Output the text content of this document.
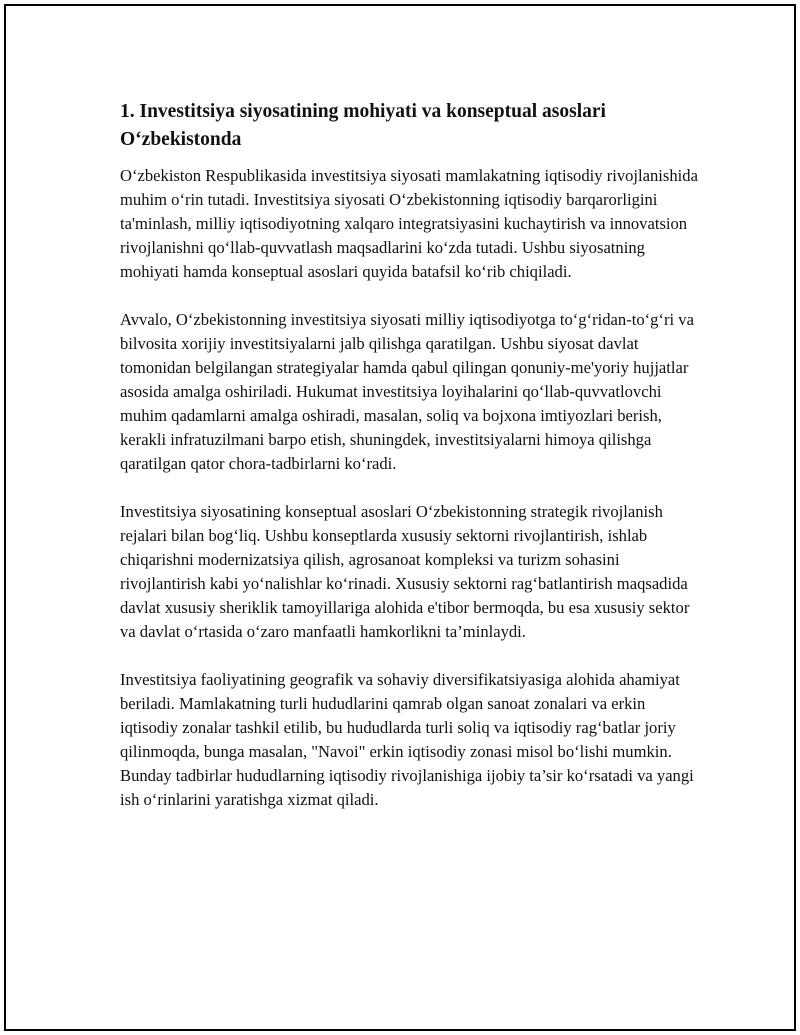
1. Investitsiya siyosatining mohiyati va konseptual asoslari O‘zbekistonda

O‘zbekiston Respublikasida investitsiya siyosati mamlakatning iqtisodiy rivojlanishida muhim o‘rin tutadi. Investitsiya siyosati O‘zbekistonning iqtisodiy barqarorligini ta'minlash, milliy iqtisodiyotning xalqaro integratsiyasini kuchaytirish va innovatsion rivojlanishni qo‘llab-quvvatlash maqsadlarini ko‘zda tutadi. Ushbu siyosatning mohiyati hamda konseptual asoslari quyida batafsil ko‘rib chiqiladi.

Avvalo, O‘zbekistonning investitsiya siyosati milliy iqtisodiyotga to‘g‘ridan-to‘g‘ri va bilvosita xorijiy investitsiyalarni jalb qilishga qaratilgan. Ushbu siyosat davlat tomonidan belgilangan strategiyalar hamda qabul qilingan qonuniy-me'yoriy hujjatlar asosida amalga oshiriladi. Hukumat investitsiya loyihalarini qo‘llab-quvvatlovchi muhim qadamlarni amalga oshiradi, masalan, soliq va bojxona imtiyozlari berish, kerakli infratuzilmani barpo etish, shuningdek, investitsiyalarni himoya qilishga qaratilgan qator chora-tadbirlarni ko‘radi.

Investitsiya siyosatining konseptual asoslari O‘zbekistonning strategik rivojlanish rejalari bilan bog‘liq. Ushbu konseptlarda xususiy sektorni rivojlantirish, ishlab chiqarishni modernizatsiya qilish, agrosanoat kompleksi va turizm sohasini rivojlantirish kabi yo‘nalishlar ko‘rinadi. Xususiy sektorni rag‘batlantirish maqsadida davlat xususiy sheriklik tamoyillariga alohida e'tibor bermoqda, bu esa xususiy sektor va davlat o‘rtasida o‘zaro manfaatli hamkorlikni ta’minlaydi.

Investitsiya faoliyatining geografik va sohaviy diversifikatsiyasiga alohida ahamiyat beriladi. Mamlakatning turli hududlarini qamrab olgan sanoat zonalari va erkin iqtisodiy zonalar tashkil etilib, bu hududlarda turli soliq va iqtisodiy rag‘batlar joriy qilinmoqda, bunga masalan, "Navoi" erkin iqtisodiy zonasi misol bo‘lishi mumkin. Bunday tadbirlar hududlarning iqtisodiy rivojlanishiga ijobiy ta’sir ko‘rsatadi va yangi ish o‘rinlarini yaratishga xizmat qiladi.
